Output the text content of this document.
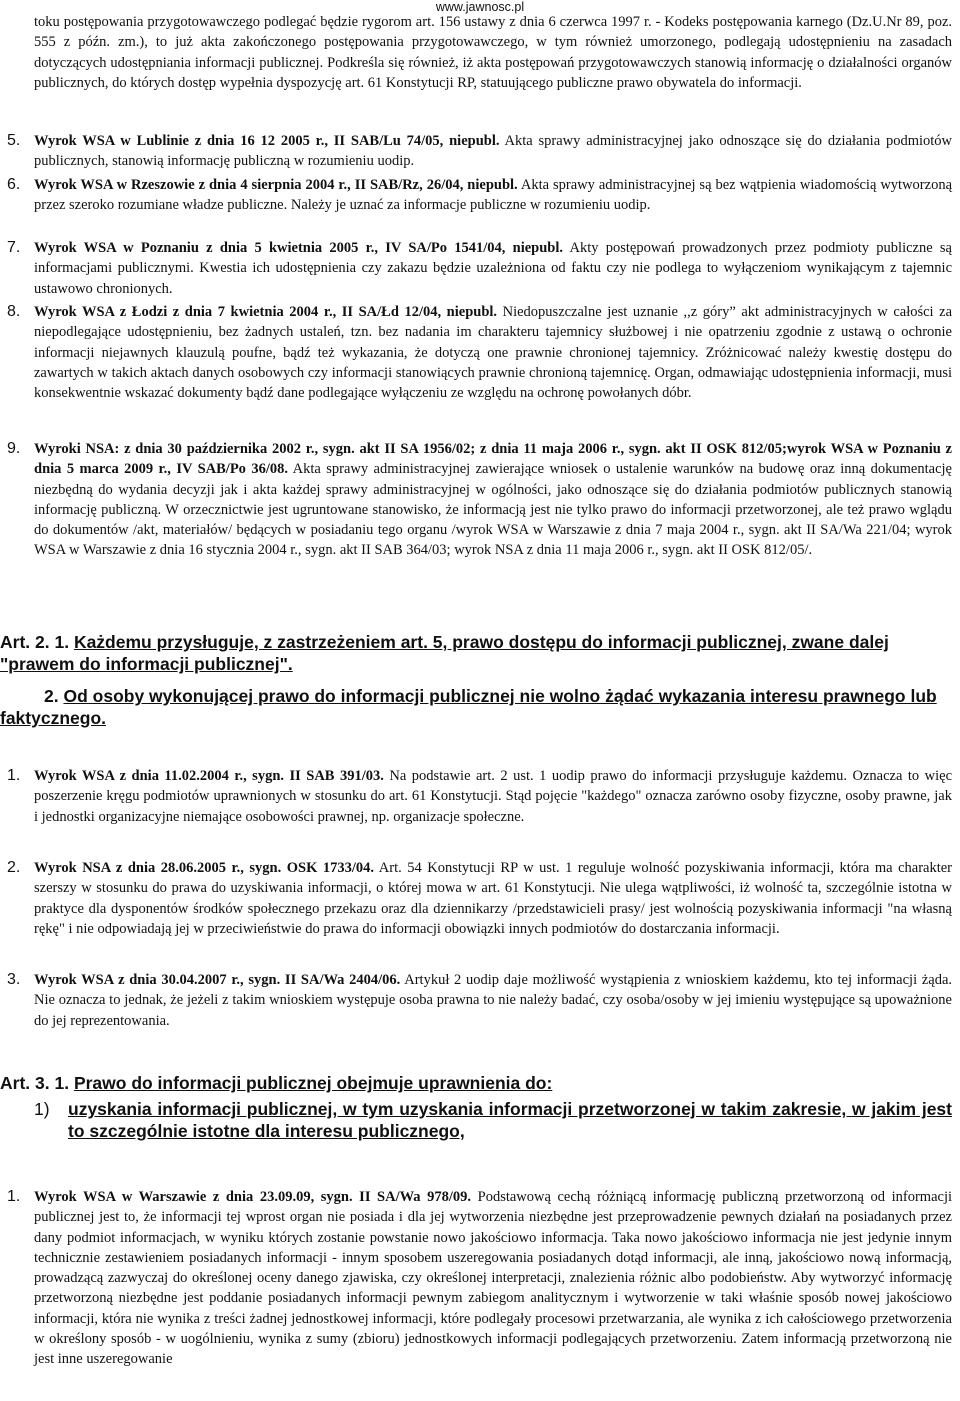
www.jawnosc.pl
toku postępowania przygotowawczego podlegać będzie rygorom art. 156 ustawy z dnia 6 czerwca 1997 r. - Kodeks postępowania karnego (Dz.U.Nr 89, poz. 555 z późn. zm.), to już akta zakończonego postępowania przygotowawczego, w tym również umorzonego, podlegają udostępnieniu na zasadach dotyczących udostępniania informacji publicznej. Podkreśla się również, iż akta postępowań przygotowawczych stanowią informację o działalności organów publicznych, do których dostęp wypełnia dyspozycję art. 61 Konstytucji RP, statuującego publiczne prawo obywatela do informacji.
5. Wyrok WSA w Lublinie z dnia 16 12 2005 r., II SAB/Lu 74/05, niepubl. Akta sprawy administracyjnej jako odnoszące się do działania podmiotów publicznych, stanowią informację publiczną w rozumieniu uodip.
6. Wyrok WSA w Rzeszowie z dnia 4 sierpnia 2004 r., II SAB/Rz, 26/04, niepubl. Akta sprawy administracyjnej są bez wątpienia wiadomością wytworzoną przez szeroko rozumiane władze publiczne. Należy je uznać za informacje publiczne w rozumieniu uodip.
7. Wyrok WSA w Poznaniu z dnia 5 kwietnia 2005 r., IV SA/Po 1541/04, niepubl. Akty postępowań prowadzonych przez podmioty publiczne są informacjami publicznymi. Kwestia ich udostępnienia czy zakazu będzie uzależniona od faktu czy nie podlega to wyłączeniom wynikającym z tajemnic ustawowo chronionych.
8. Wyrok WSA z Łodzi z dnia 7 kwietnia 2004 r., II SA/Łd 12/04, niepubl. Niedopuszczalne jest uznanie ,,z góry” akt administracyjnych w całości za niepodlegające udostępnieniu, bez żadnych ustaleń, tzn. bez nadania im charakteru tajemnicy służbowej i nie opatrzeniu zgodnie z ustawą o ochronie informacji niejawnych klauzulą poufne, bądź też wykazania, że dotyczą one prawnie chronionej tajemnicy. Zróżnicować należy kwestię dostępu do zawartych w takich aktach danych osobowych czy informacji stanowiących prawnie chronioną tajemnicę. Organ, odmawiając udostępnienia informacji, musi konsekwentnie wskazać dokumenty bądź dane podlegające wyłączeniu ze względu na ochronę powołanych dóbr.
9. Wyroki NSA: z dnia 30 października 2002 r., sygn. akt II SA 1956/02; z dnia 11 maja 2006 r., sygn. akt II OSK 812/05;wyrok WSA w Poznaniu z dnia 5 marca 2009 r., IV SAB/Po 36/08. Akta sprawy administracyjnej zawierające wniosek o ustalenie warunków na budowę oraz inną dokumentację niezbędną do wydania decyzji jak i akta każdej sprawy administracyjnej w ogólności, jako odnoszące się do działania podmiotów publicznych stanowią informację publiczną. W orzecznictwie jest ugruntowane stanowisko, że informacją jest nie tylko prawo do informacji przetworzonej, ale też prawo wglądu do dokumentów /akt, materiałów/ będących w posiadaniu tego organu /wyrok WSA w Warszawie z dnia 7 maja 2004 r., sygn. akt II SA/Wa 221/04; wyrok WSA w Warszawie z dnia 16 stycznia 2004 r., sygn. akt II SAB 364/03; wyrok NSA z dnia 11 maja 2006 r., sygn. akt II OSK 812/05/.
Art. 2. 1. Każdemu przysługuje, z zastrzeżeniem art. 5, prawo dostępu do informacji publicznej, zwane dalej "prawem do informacji publicznej".
2. Od osoby wykonującej prawo do informacji publicznej nie wolno żądać wykazania interesu prawnego lub faktycznego.
1. Wyrok WSA z dnia 11.02.2004 r., sygn. II SAB 391/03. Na podstawie art. 2 ust. 1 uodip prawo do informacji przysługuje każdemu. Oznacza to więc poszerzenie kręgu podmiotów uprawnionych w stosunku do art. 61 Konstytucji. Stąd pojęcie "każdego" oznacza zarówno osoby fizyczne, osoby prawne, jak i jednostki organizacyjne niemające osobowości prawnej, np. organizacje społeczne.
2. Wyrok NSA z dnia 28.06.2005 r., sygn. OSK 1733/04. Art. 54 Konstytucji RP w ust. 1 reguluje wolność pozyskiwania informacji, która ma charakter szerszy w stosunku do prawa do uzyskiwania informacji, o której mowa w art. 61 Konstytucji. Nie ulega wątpliwości, iż wolność ta, szczególnie istotna w praktyce dla dysponentów środków społecznego przekazu oraz dla dziennikarzy /przedstawicieli prasy/ jest wolnością pozyskiwania informacji "na własną rękę" i nie odpowiadają jej w przeciwieństwie do prawa do informacji obowiązki innych podmiotów do dostarczania informacji.
3. Wyrok WSA z dnia 30.04.2007 r., sygn. II SA/Wa 2404/06. Artykuł 2 uodip daje możliwość wystąpienia z wnioskiem każdemu, kto tej informacji żąda. Nie oznacza to jednak, że jeżeli z takim wnioskiem występuje osoba prawna to nie należy badać, czy osoba/osoby w jej imieniu występujące są upoważnione do jej reprezentowania.
Art. 3. 1. Prawo do informacji publicznej obejmuje uprawnienia do:
1) uzyskania informacji publicznej, w tym uzyskania informacji przetworzonej w takim zakresie, w jakim jest to szczególnie istotne dla interesu publicznego,
1. Wyrok WSA w Warszawie z dnia 23.09.09, sygn. II SA/Wa 978/09. Podstawową cechą różniącą informację publiczną przetworzoną od informacji publicznej jest to, że informacji tej wprost organ nie posiada i dla jej wytworzenia niezbędne jest przeprowadzenie pewnych działań na posiadanych przez dany podmiot informacjach, w wyniku których zostanie powstanie nowo jakościowo informacja. Taka nowo jakościowo informacja nie jest jedynie innym technicznie zestawieniem posiadanych informacji - innym sposobem uszeregowania posiadanych dotąd informacji, ale inną, jakościowo nową informacją, prowadzącą zazwyczaj do określonej oceny danego zjawiska, czy określonej interpretacji, znalezienia różnic albo podobieństw. Aby wytworzyć informację przetworzoną niezbędne jest poddanie posiadanych informacji pewnym zabiegom analitycznym i wytworzenie w taki właśnie sposób nowej jakościowo informacji, która nie wynika z treści żadnej jednostkowej informacji, które podlegały procesowi przetwarzania, ale wynika z ich całościowego przetworzenia w określony sposób - w uogólnieniu, wynika z sumy (zbioru) jednostkowych informacji podlegających przetworzeniu. Zatem informacją przetworzoną nie jest inne uszeregowanie
